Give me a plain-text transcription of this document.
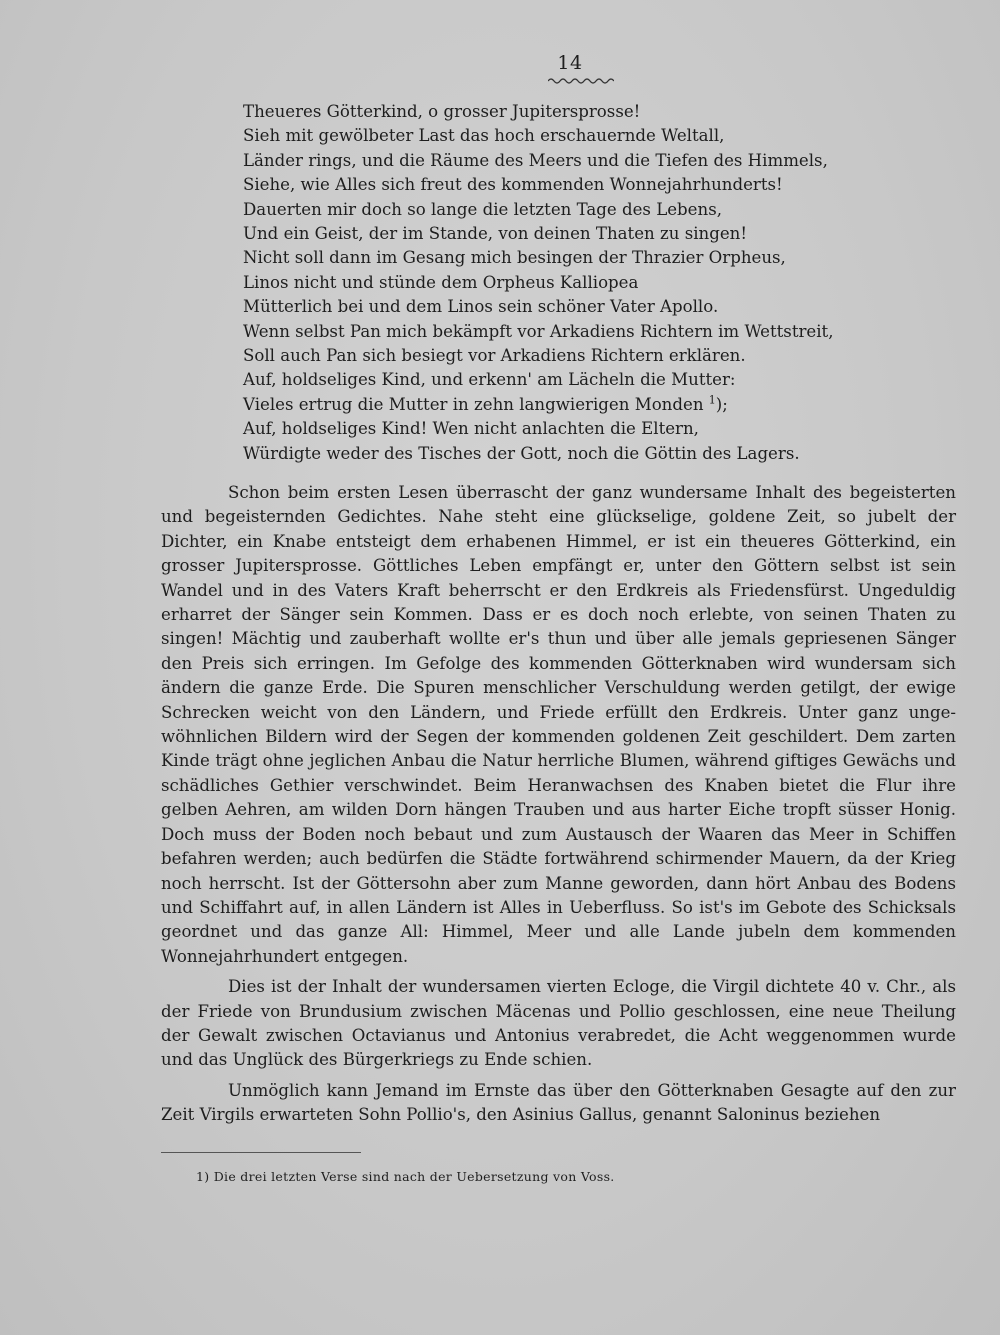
14
Theueres Götterkind, o grosser Jupitersprosse!
Sieh mit gewölbeter Last das hoch erschauernde Weltall,
Länder rings, und die Räume des Meers und die Tiefen des Himmels,
Siehe, wie Alles sich freut des kommenden Wonnejahrhunderts!
Dauerten mir doch so lange die letzten Tage des Lebens,
Und ein Geist, der im Stande, von deinen Thaten zu singen!
Nicht soll dann im Gesang mich besingen der Thrazier Orpheus,
Linos nicht und stünde dem Orpheus Kalliopea
Mütterlich bei und dem Linos sein schöner Vater Apollo.
Wenn selbst Pan mich bekämpft vor Arkadiens Richtern im Wettstreit,
Soll auch Pan sich besiegt vor Arkadiens Richtern erklären.
Auf, holdseliges Kind, und erkenn' am Lächeln die Mutter:
Vieles ertrug die Mutter in zehn langwierigen Monden $^1$);
Auf, holdseliges Kind! Wen nicht anlachten die Eltern,
Würdigte weder des Tisches der Gott, noch die Göttin des Lagers.

Schon beim ersten Lesen überrascht der ganz wundersame Inhalt des begeisterten und begeisternden Gedichtes. Nahe steht eine glückselige, goldene Zeit, so jubelt der Dichter, ein Knabe entsteigt dem erhabenen Himmel, er ist ein theueres Götterkind, ein grosser Jupitersprosse. Göttliches Leben empfängt er, unter den Göttern selbst ist sein Wandel und in des Vaters Kraft beherrscht er den Erdkreis als Friedensfürst. Ungeduldig erharret der Sänger sein Kommen. Dass er es doch noch erlebte, von seinen Thaten zu singen! Mächtig und zauberhaft wollte er's thun und über alle jemals gepriesenen Sänger den Preis sich erringen. Im Gefolge des kommenden Götterknaben wird wundersam sich ändern die ganze Erde. Die Spuren menschlicher Verschuldung werden getilgt, der ewige Schrecken weicht von den Ländern, und Friede erfüllt den Erdkreis. Unter ganz ungewöhnlichen Bildern wird der Segen der kommenden goldenen Zeit geschildert. Dem zarten Kinde trägt ohne jeglichen Anbau die Natur herrliche Blumen, während giftiges Gewächs und schädliches Gethier verschwindet. Beim Heranwachsen des Knaben bietet die Flur ihre gelben Aehren, am wilden Dorn hängen Trauben und aus harter Eiche tropft süsser Honig. Doch muss der Boden noch bebaut und zum Austausch der Waaren das Meer in Schiffen befahren werden; auch bedürfen die Städte fortwährend schirmender Mauern, da der Krieg noch herrscht. Ist der Göttersohn aber zum Manne geworden, dann hört Anbau des Bodens und Schiffahrt auf, in allen Ländern ist Alles in Ueberfluss. So ist's im Gebote des Schicksals geordnet und das ganze All: Himmel, Meer und alle Lande jubeln dem kommenden Wonnejahrhundert entgegen.

Dies ist der Inhalt der wundersamen vierten Ecloge, die Virgil dichtete 40 v. Chr., als der Friede von Brundusium zwischen Mäcenas und Pollio geschlossen, eine neue Theilung der Gewalt zwischen Octavianus und Antonius verabredet, die Acht weggenommen wurde und das Unglück des Bürgerkriegs zu Ende schien.

Unmöglich kann Jemand im Ernste das über den Götterknaben Gesagte auf den zur Zeit Virgils erwarteten Sohn Pollio's, den Asinius Gallus, genannt Saloninus beziehen

1) Die drei letzten Verse sind nach der Uebersetzung von Voss.
